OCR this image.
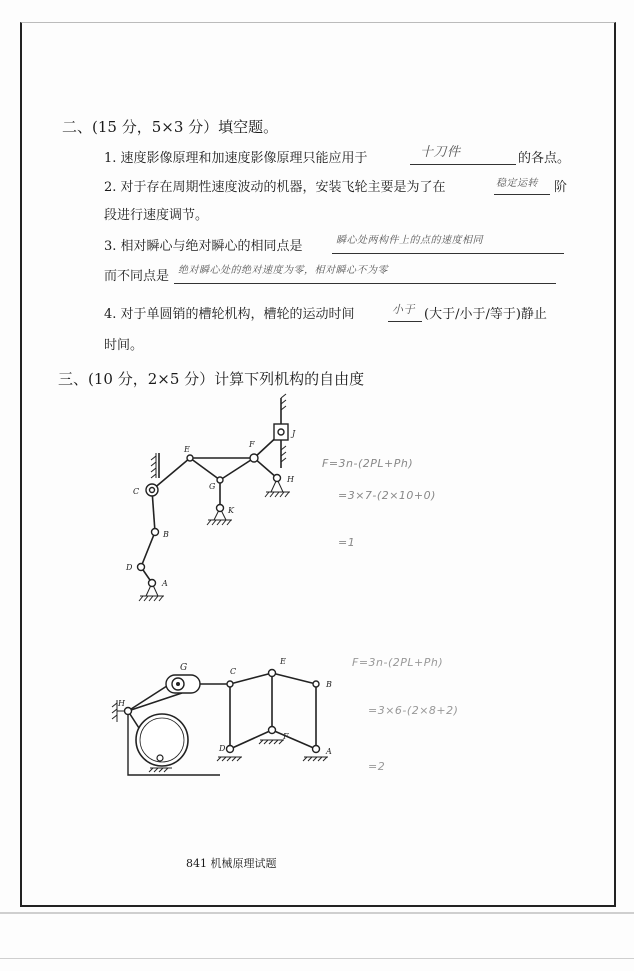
二、(15 分，5×3 分）填空题。
1. 速度影像原理和加速度影像原理只能应用于	十刀件	的各点。
2. 对于存在周期性速度波动的机器，安装飞轮主要是为了在	稳定运转 阶
段进行速度调节。
3. 相对瞬心与绝对瞬心的相同点是	瞬心处两构件上的点的速度相同
而不同点是 绝对瞬心处的绝对速度为零，相对瞬心不为零
4. 对于单圆销的槽轮机构，槽轮的运动时间	小于 (大于/小于/等于)静止
时间。
三、(10 分，2×5 分）计算下列机构的自由度
A
B
C
D
E
F
G
H
J
K
A
B
C
D
E
F
G
H
F=3n-(2PL+Ph)
=3×7-(2×10+0)
=1
F=3n-(2PL+Ph)
=3×6-(2×8+2)
=2
841 机械原理试题
